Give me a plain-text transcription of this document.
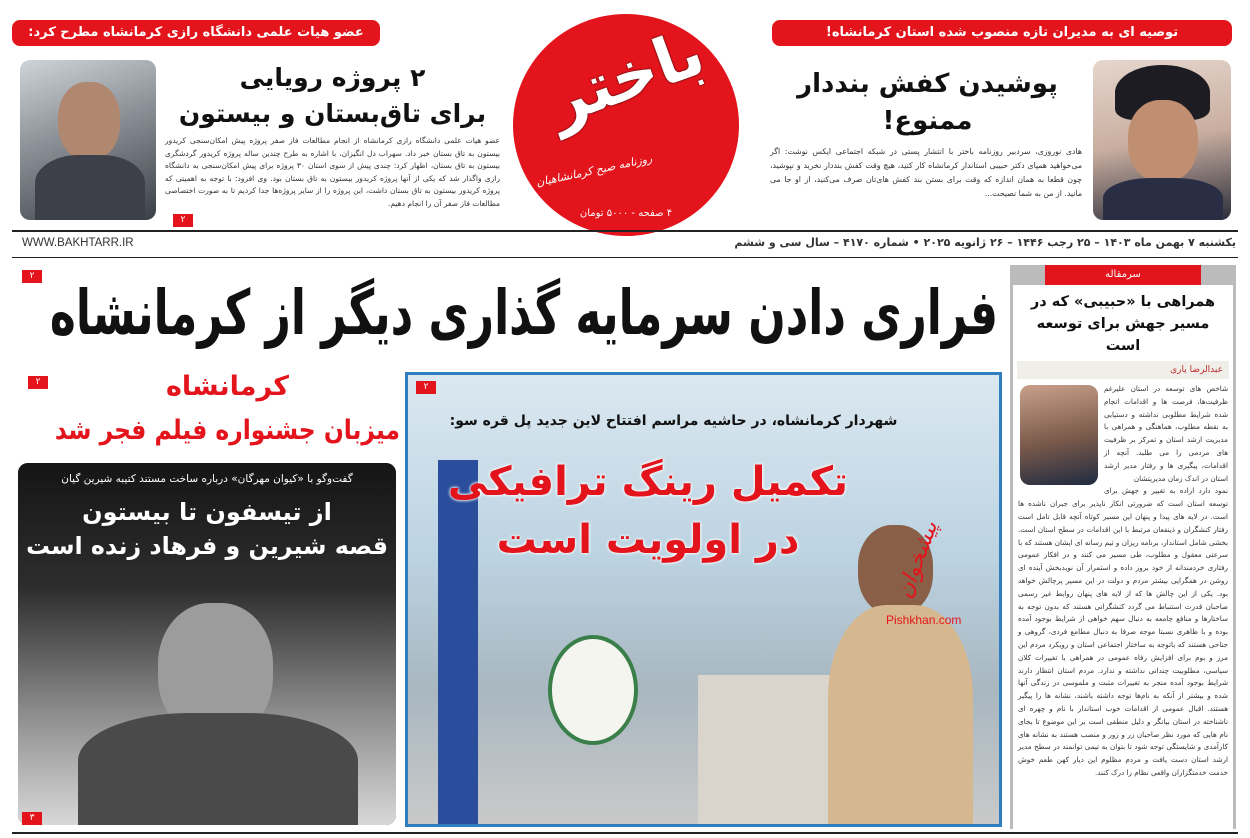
عضو هیات علمی دانشگاه رازی کرمانشاه مطرح کرد:
۲ پروژه رویایی
برای تاق‌بستان و بیستون
عضو هیات علمی دانشگاه رازی کرمانشاه از انجام مطالعات فاز صفر پروژه پیش امکان‌سنجی کریدور بیستون به تاق بستان خبر داد. سهراب دل انگیزان، با اشاره به طرح چندین ساله پروژه کریدور گردشگری بیستون به تاق بستان، اظهار کرد: چندی پیش از سوی استان ۳۰ پروژه برای پیش امکان‌سنجی به دانشگاه رازی واگذار شد که یکی از آنها پروژه کریدور بیستون به تاق بستان بود. وی افزود: با توجه به اهمیتی که پروژه کریدور بیستون به تاق بستان داشت، این پروژه را از سایر پروژه‌ها جدا کردیم تا به صورت اختصاصی مطالعات فاز صفر آن را انجام دهیم.
۲
باختر
روزنامه صبح کرمانشاهیان
۴ صفحه - ۵۰۰۰ تومان
توصیه ای به مدیران تازه منصوب شده استان کرمانشاه!
پوشیدن کفش بنددار
ممنوع!
هادی نوروزی، سردبیر روزنامه باختر با انتشار پستی در شبکه اجتماعی ایکس نوشت: اگر می‌خواهید همپای دکتر حبیبی استاندار کرمانشاه کار کنید، هیچ وقت کفش بنددار نخرید و نپوشید، چون قطعا به همان اندازه که وقت برای بستن بند کفش های‌تان صرف می‌کنید، از او جا می مانید. از من به شما نصیحت...
یکشنبه ۷ بهمن ماه ۱۴۰۳ – ۲۵ رجب ۱۴۴۶ – ۲۶ ژانویه ۲۰۲۵ • شماره ۴۱۷۰ – سال سی و ششم
WWW.BAKHTARR.IR
۲ فراری دادن سرمایه گذاری دیگر از کرمانشاه
۲	کرمانشاه
میزبان جشنواره فیلم فجر شد
گفت‌وگو با «کیوان مهرگان» درباره ساخت مستند کتیبه شیرین گیان
از تیسفون تا بیستون
قصه شیرین و فرهاد زنده است
۳
۲
شهردار کرمانشاه، در حاشیه مراسم افتتاح لاین جدید پل قره سو:
تکمیل رینگ ترافیکی
در اولویت است	پیشخوان
Pishkhan.com
سرمقاله
همراهی با «حبیبی» که در مسیر جهش برای توسعه است
عبدالرضا یاری
شاخص های توسعه در استان علیرغم ظرفیت‌ها، فرصت ها و اقدامات انجام شده شرایط مطلوبی نداشته و دستیابی به نقطه مطلوب، هماهنگی و همراهی با مدیریت ارشد استان و تمرکز بر ظرفیت های مردمی را می طلبد. آنچه از اقدامات، پیگیری ها و رفتار مدیر ارشد استان در اندک زمان مدیریتشان
نمود دارد اراده به تغییر و جهش برای توسعه استان است که ضرورتی انکار ناپذیر برای جبران ناشده ها است. در لایه های پیدا و پنهان این مسیر کوتاه آنچه قابل تامل است رفتار کنشگران و ذینفعان مرتبط با این اقدامات در سطح استان است. بخشی شامل استاندار، برنامه ریزان و تیم رسانه ای ایشان هستند که با سرعتی معقول و مطلوب، طی مسیر می کنند و در افکار عمومی رفتاری خردمندانه از خود بروز داده و استمرار آن نویدبخش آینده ای روشن در همگرایی بیشتر مردم و دولت در این مسیر پرچالش خواهد بود. یکی از این چالش ها که از لایه های پنهان روابط غیر رسمی صاحبان قدرت استنباط می گردد کنشگرانی هستند که بدون توجه به ساختارها و منافع جامعه به دنبال سهم خواهی از شرایط بوجود آمده بوده و با ظاهری نسبتا موجه صرفا به دنبال مطامع فردی، گروهی و جناحی هستند که باتوجه به ساختار اجتماعی استان و رویکرد مردم این مرز و بوم برای افزایش رفاه عمومی در همراهی با تغییرات کلان سیاسی، مطلوبیت چندانی نداشته و ندارد. مردم استان انتظار دارند شرایط بوجود آمده منجر به تغییرات مثبت و ملموسی در زندگی آنها شده و بیشتر از آنکه به نام‌ها توجه داشته باشند، نشانه ها را پیگیر هستند. اقبال عمومی از اقدامات خوب استاندار با نام و چهره ای ناشناخته در استان بیانگر و دلیل منطقی است بر این موضوع تا بجای نام هایی که مورد نظر صاحبان زر و زور و منصب هستند به نشانه های کارآمدی و شایستگی توجه شود تا بتوان به تیمی توانمند در سطح مدیر ارشد استان دست یافت و مردم مظلوم این دیار کهن طعم خوش خدمت خدمتگزاران واقعی نظام را درک کنند.
